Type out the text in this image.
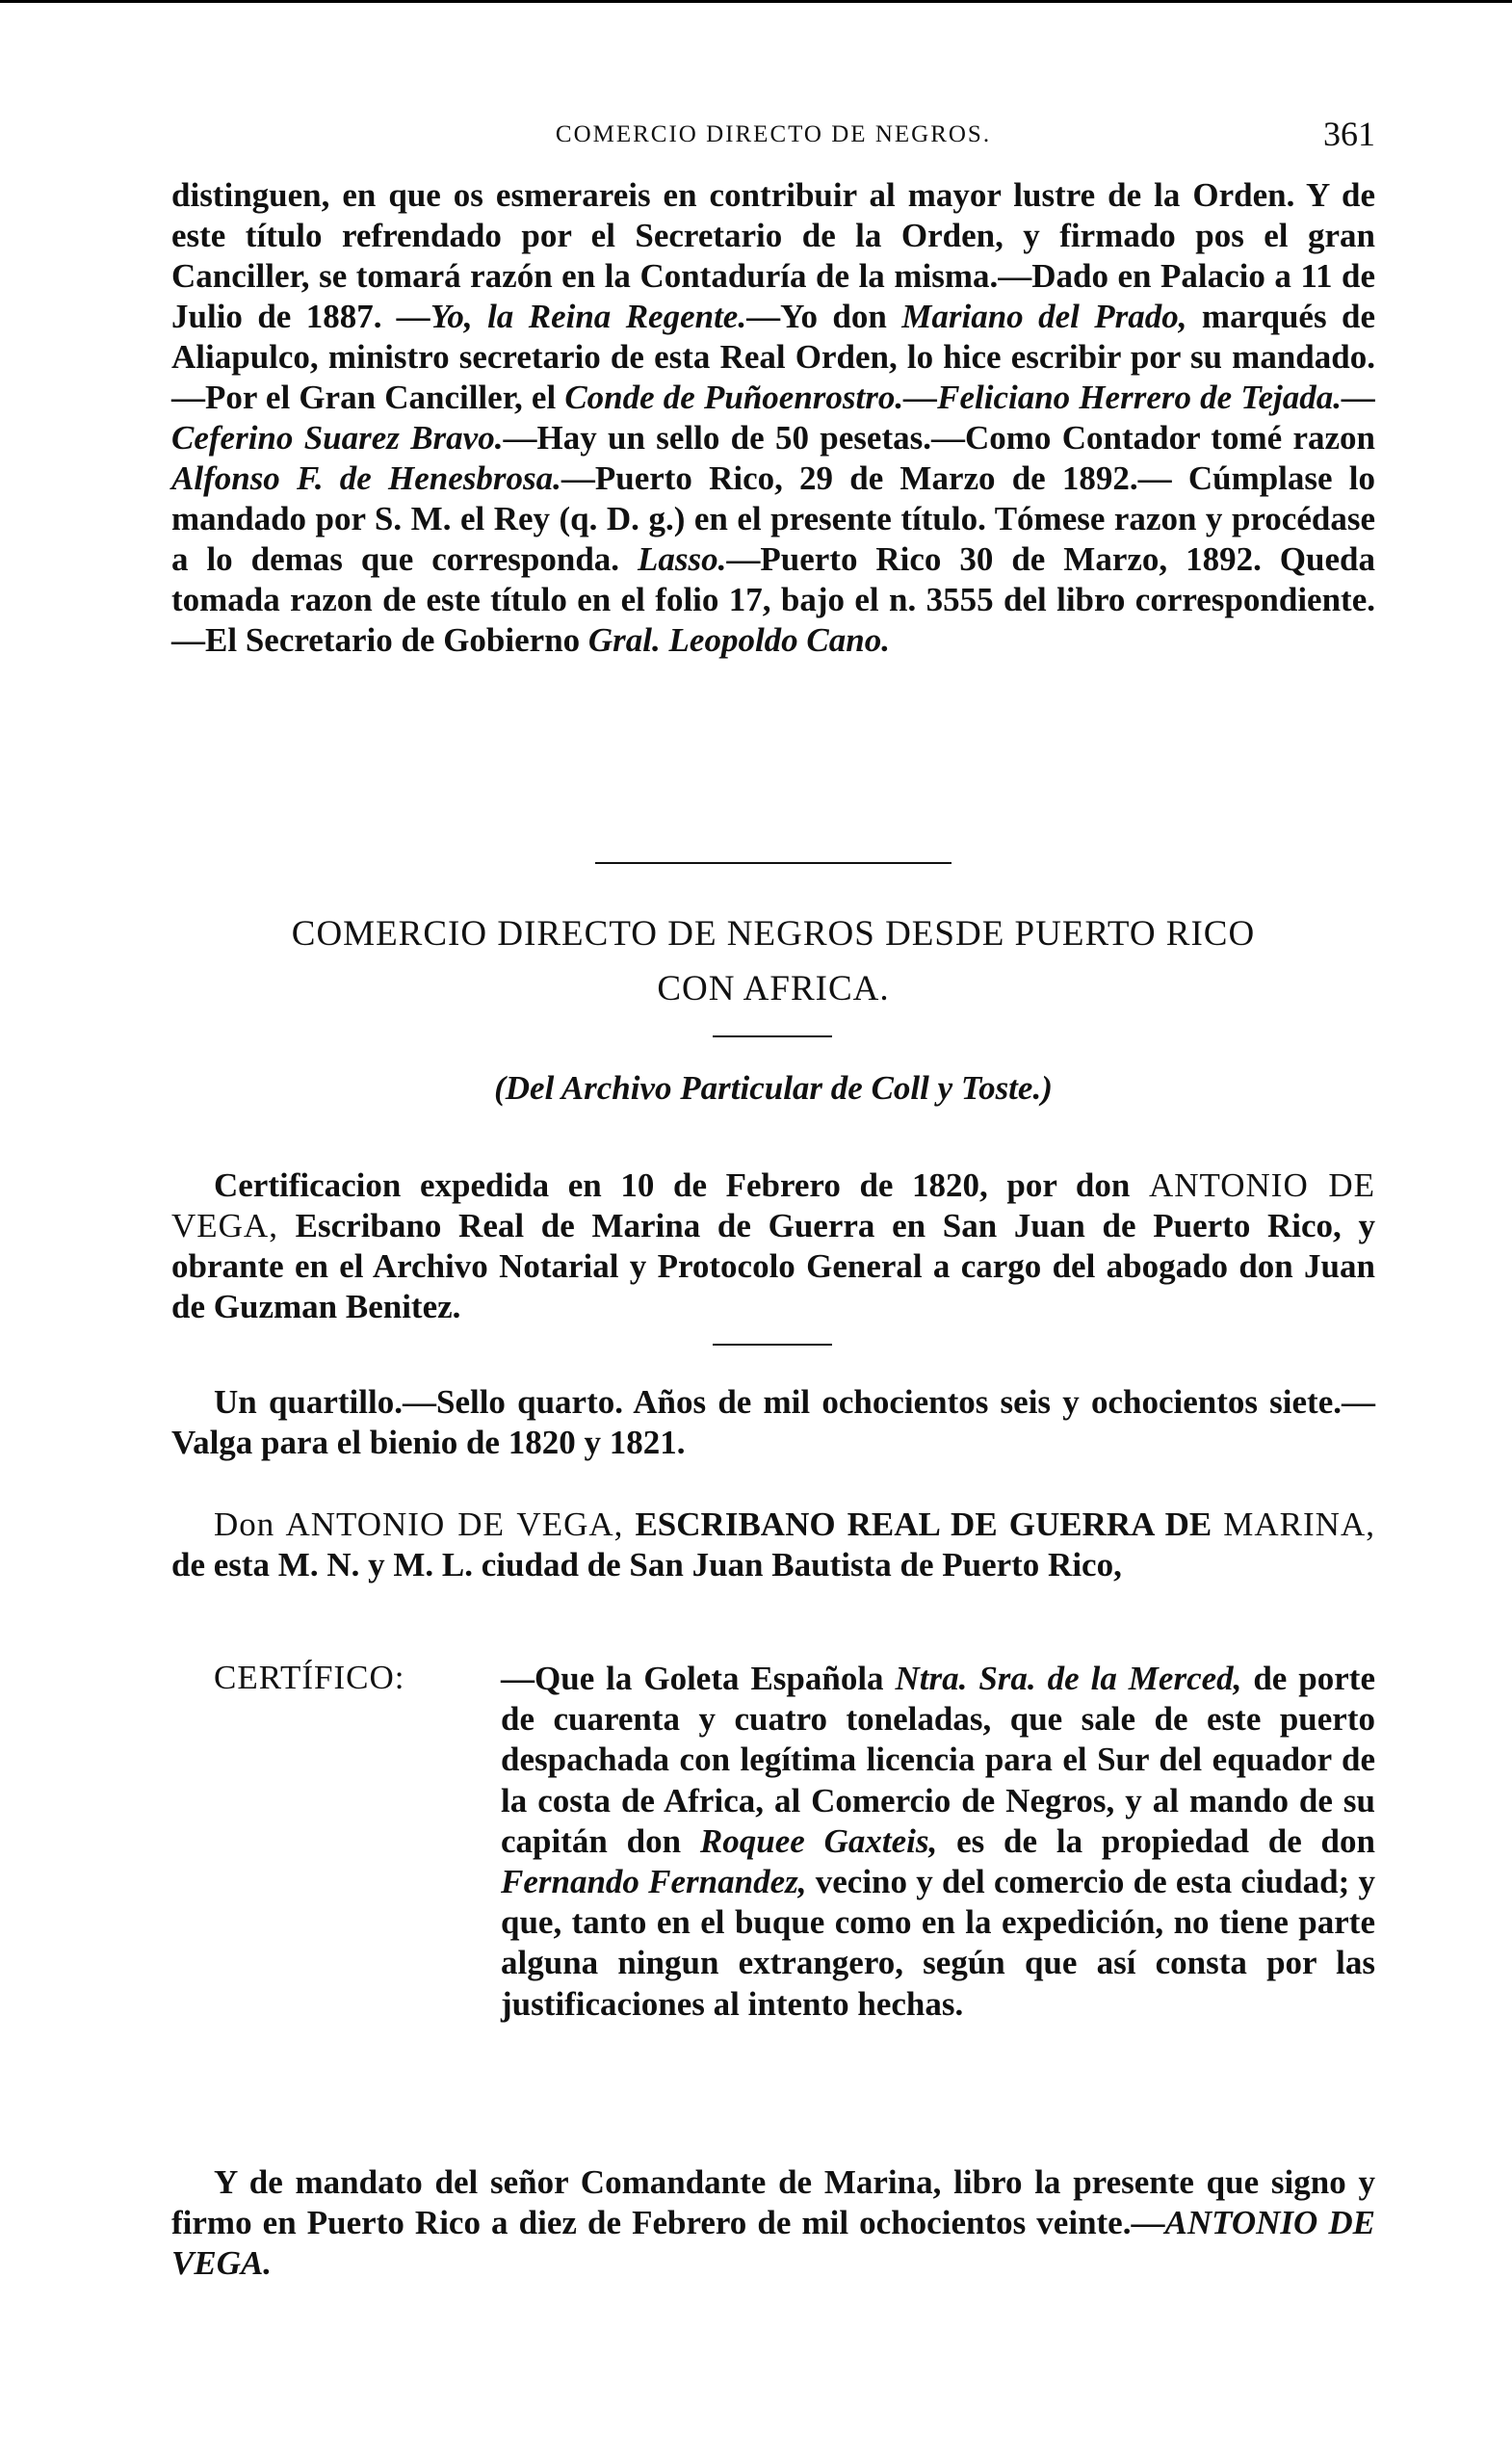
COMERCIO DIRECTO DE NEGROS.	361

distinguen, en que os esmerareis en contribuir al mayor lustre de la Orden. Y de este título refrendado por el Secretario de la Orden, y firmado pos el gran Canciller, se tomará razón en la Contaduría de la misma.—Dado en Palacio a 11 de Julio de 1887. —Yo, la Reina Regente.—Yo don Mariano del Prado, marqués de Aliapulco, ministro secretario de esta Real Orden, lo hice escribir por su mandado.—Por el Gran Canciller, el Conde de Puñoenrostro.—Feliciano Herrero de Tejada.—Ceferino Suarez Bravo.—Hay un sello de 50 pesetas.—Como Contador tomé razon Alfonso F. de Henesbrosa.—Puerto Rico, 29 de Marzo de 1892.— Cúmplase lo mandado por S. M. el Rey (q. D. g.) en el presente título. Tómese razon y procédase a lo demas que corresponda. Lasso.—Puerto Rico 30 de Marzo, 1892. Queda tomada razon de este título en el folio 17, bajo el n. 3555 del libro correspondiente. —El Secretario de Gobierno Gral. Leopoldo Cano.

COMERCIO DIRECTO DE NEGROS DESDE PUERTO RICO
CON AFRICA.
(Del Archivo Particular de Coll y Toste.)

Certificacion expedida en 10 de Febrero de 1820, por don ANTONIO DE VEGA, Escribano Real de Marina de Guerra en San Juan de Puerto Rico, y obrante en el Archivo Notarial y Protocolo General a cargo del abogado don Juan de Guzman Benitez.

Un quartillo.—Sello quarto. Años de mil ochocientos seis y ochocientos siete.—Valga para el bienio de 1820 y 1821.

Don ANTONIO DE VEGA, ESCRIBANO REAL DE GUERRA DE MARINA, de esta M. N. y M. L. ciudad de San Juan Bautista de Puerto Rico,

CERTÍFICO:	—Que la Goleta Española Ntra. Sra. de la Merced, de porte de cuarenta y cuatro toneladas, que sale de este puerto despachada con legítima licencia para el Sur del equador de la costa de Africa, al Comercio de Negros, y al mando de su capitán don Roquee Gaxteis, es de la propiedad de don Fernando Fernandez, vecino y del comercio de esta ciudad; y que, tanto en el buque como en la expedición, no tiene parte alguna ningun extrangero, según que así consta por las justificaciones al intento hechas.

Y de mandato del señor Comandante de Marina, libro la presente que signo y firmo en Puerto Rico a diez de Febrero de mil ochocientos veinte.—ANTONIO DE VEGA.
